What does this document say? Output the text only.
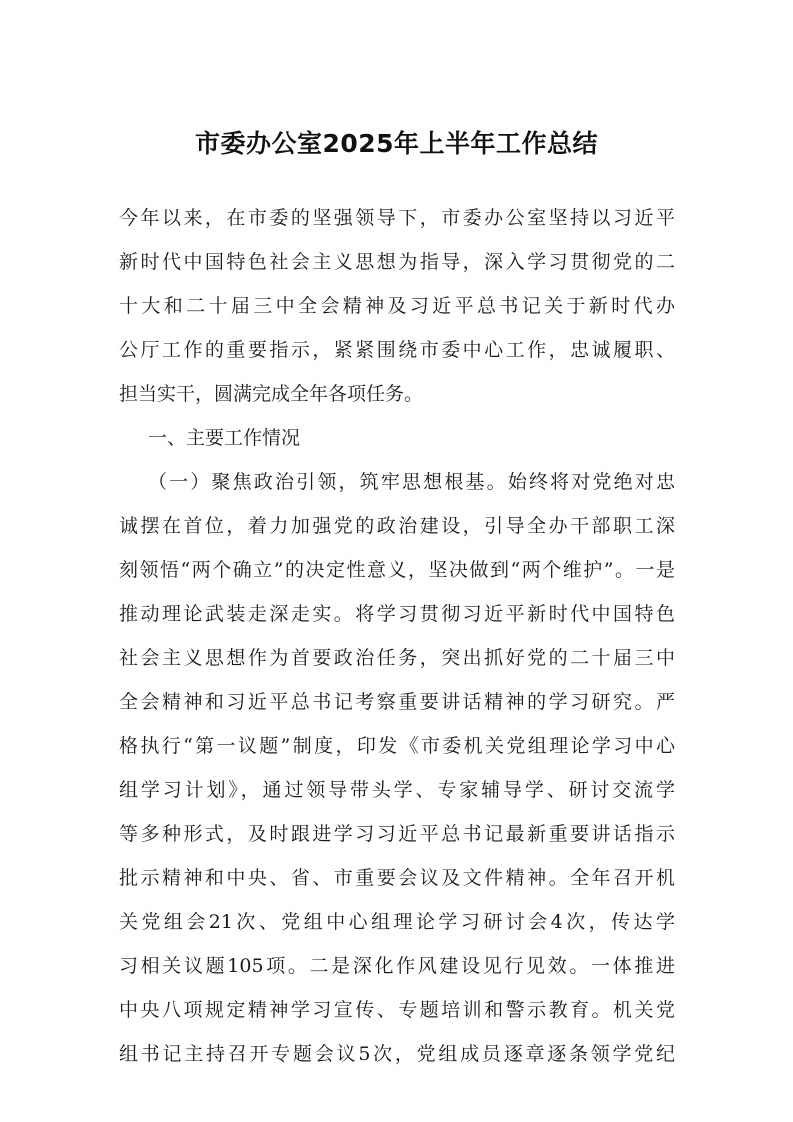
市委办公室2025年上半年工作总结

今年以来，在市委的坚强领导下，市委办公室坚持以习近平

新时代中国特色社会主义思想为指导，深入学习贯彻党的二

十大和二十届三中全会精神及习近平总书记关于新时代办

公厅工作的重要指示，紧紧围绕市委中心工作，忠诚履职、

担当实干，圆满完成全年各项任务。

一、主要工作情况

（一）聚焦政治引领，筑牢思想根基。始终将对党绝对忠

诚摆在首位，着力加强党的政治建设，引导全办干部职工深

刻领悟“两个确立”的决定性意义，坚决做到“两个维护”。一是

推动理论武装走深走实。将学习贯彻习近平新时代中国特色

社会主义思想作为首要政治任务，突出抓好党的二十届三中

全会精神和习近平总书记考察重要讲话精神的学习研究。严

格执行“第一议题”制度，印发《市委机关党组理论学习中心

组学习计划》，通过领导带头学、专家辅导学、研讨交流学

等多种形式，及时跟进学习习近平总书记最新重要讲话指示

批示精神和中央、省、市重要会议及文件精神。全年召开机

关党组会21次、党组中心组理论学习研讨会4次，传达学

习相关议题105项。二是深化作风建设见行见效。一体推进

中央八项规定精神学习宣传、专题培训和警示教育。机关党

组书记主持召开专题会议5次，党组成员逐章逐条领学党纪
